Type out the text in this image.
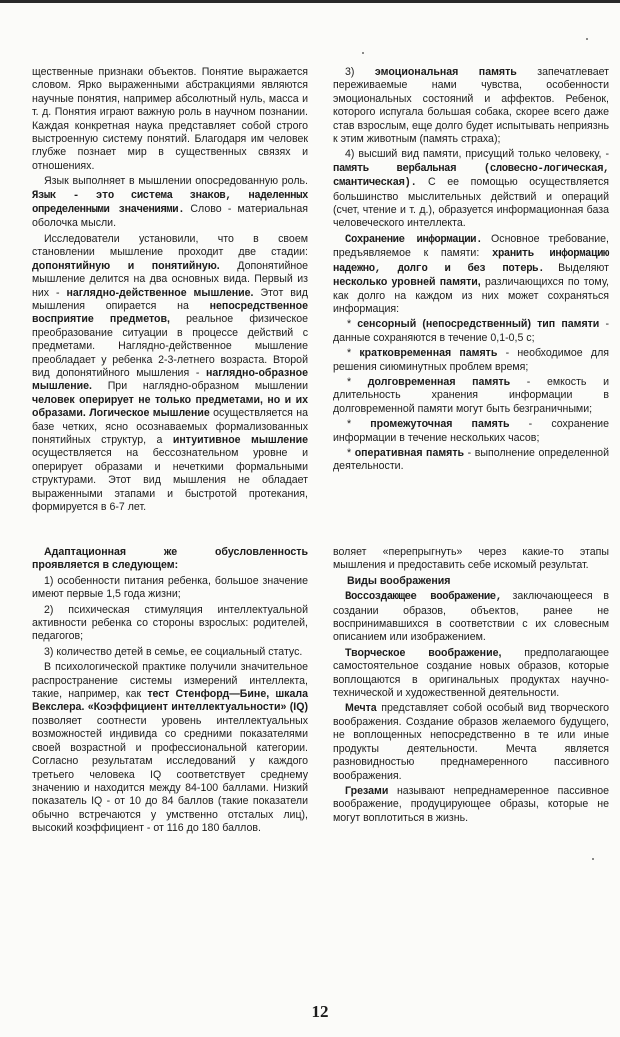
щественные признаки объектов. Понятие выражается словом. Ярко выраженными абстракциями являются научные понятия, например абсолютный нуль, масса и т. д. Понятия играют важную роль в научном познании. Каждая конкретная наука представляет собой строго выстроенную систему понятий. Благодаря им человек глубже познает мир в существенных связях и отношениях.

Язык выполняет в мышлении опосредованную роль. Язык - это система знаков, наделенных определенными значениями. Слово - материальная оболочка мысли.

Исследователи установили, что в своем становлении мышление проходит две стадии: допонятийную и понятийную. Допонятийное мышление делится на два основных вида. Первый из них - наглядно-действенное мышление. Этот вид мышления опирается на непосредственное восприятие предметов, реальное физическое преобразование ситуации в процессе действий с предметами. Наглядно-действенное мышление преобладает у ребенка 2-3-летнего возраста. Второй вид допонятийного мышления - наглядно-образное мышление. При наглядно-образном мышлении человек оперирует не только предметами, но и их образами. Логическое мышление осуществляется на базе четких, ясно осознаваемых формализованных понятийных структур, а интуитивное мышление осуществляется на бессознательном уровне и оперирует образами и нечеткими формальными структурами. Этот вид мышления не обладает выраженными этапами и быстротой протекания, формируется в 6-7 лет.

3) эмоциональная память запечатлевает переживаемые нами чувства, особенности эмоциональных состояний и аффектов. Ребенок, которого испугала большая собака, скорее всего даже став взрослым, еще долго будет испытывать неприязнь к этим животным (память страха);

4) высший вид памяти, присущий только человеку, - память вербальная (словесно-логическая, смантическая). С ее помощью осуществляется большинство мыслительных действий и операций (счет, чтение и т. д.), образуется информационная база человеческого интеллекта.

Сохранение информации. Основное требование, предъявляемое к памяти: хранить информацию надежно, долго и без потерь. Выделяют несколько уровней памяти, различающихся по тому, как долго на каждом из них может сохраняться информация:

* сенсорный (непосредственный) тип памяти - данные сохраняются в течение 0,1-0,5 с;

* кратковременная память - необходимое для решения сиюминутных проблем время;

* долговременная память - емкость и длительность хранения информации в долговременной памяти могут быть безграничными;

* промежуточная память - сохранение информации в течение нескольких часов;

* оперативная память - выполнение определенной деятельности.

Адаптационная же обусловленность проявляется в следующем:

1) особенности питания ребенка, большое значение имеют первые 1,5 года жизни;

2) психическая стимуляция интеллектуальной активности ребенка со стороны взрослых: родителей, педагогов;

3) количество детей в семье, ее социальный статус.

В психологической практике получили значительное распространение системы измерений интеллекта, такие, например, как тест Стенфорд—Бине, шкала Векслера. «Коэффициент интеллектуальности» (IQ) позволяет соотнести уровень интеллектуальных возможностей индивида со средними показателями своей возрастной и профессиональной категории. Согласно результатам исследований у каждого третьего человека IQ соответствует среднему значению и находится между 84-100 баллами. Низкий показатель IQ - от 10 до 84 баллов (такие показатели обычно встречаются у умственно отсталых лиц), высокий коэффициент - от 116 до 180 баллов.

воляет «перепрыгнуть» через какие-то этапы мышления и предоставить себе искомый результат.

Виды воображения

Воссоздающее воображение, заключающееся в создании образов, объектов, ранее не воспринимавшихся в соответствии с их словесным описанием или изображением.

Творческое воображение, предполагающее самостоятельное создание новых образов, которые воплощаются в оригинальных продуктах научно-технической и художественной деятельности.

Мечта представляет собой особый вид творческого воображения. Создание образов желаемого будущего, не воплощенных непосредственно в те или иные продукты деятельности. Мечта является разновидностью преднамеренного пассивного воображения.

Грезами называют непреднамеренное пассивное воображение, продуцирующее образы, которые не могут воплотиться в жизнь.

12
